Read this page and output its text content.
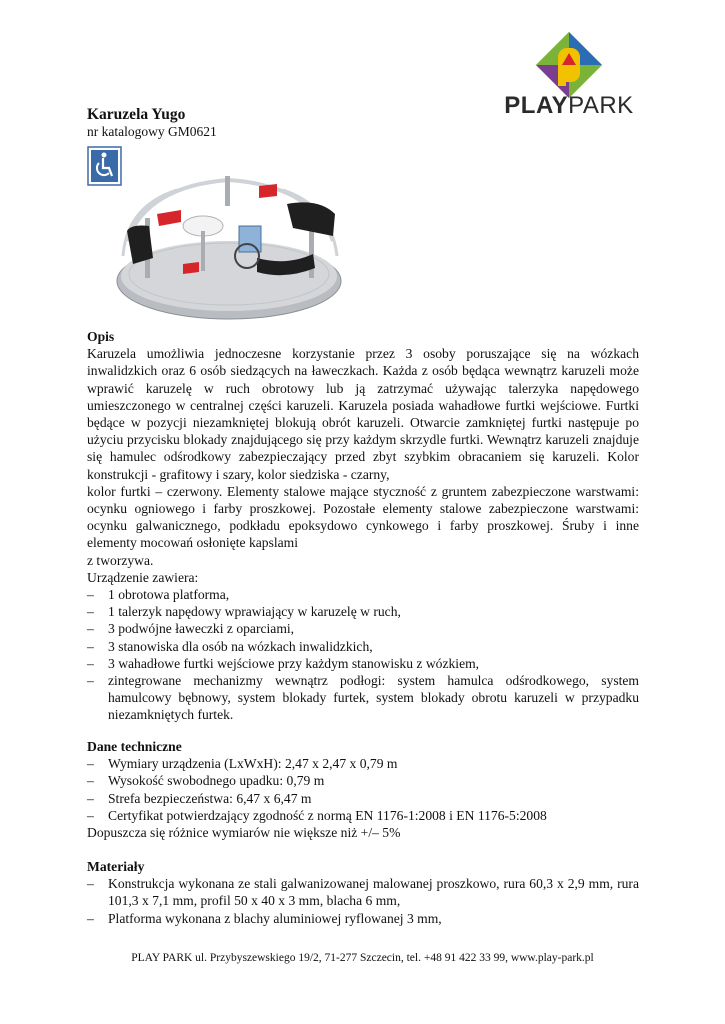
PLAYPARK
Karuzela Yugo

nr katalogowy GM0621

Opis

Karuzela umożliwia jednoczesne korzystanie przez 3 osoby poruszające się na wózkach inwalidzkich oraz 6 osób siedzących na ławeczkach. Każda z osób będąca wewnątrz karuzeli może wprawić karuzelę w ruch obrotowy lub ją zatrzymać używając talerzyka napędowego umieszczonego w centralnej części karuzeli. Karuzela posiada wahadłowe furtki wejściowe. Furtki będące w pozycji niezamkniętej blokują obrót karuzeli. Otwarcie zamkniętej furtki następuje po użyciu przycisku blokady znajdującego się przy każdym skrzydle furtki. Wewnątrz karuzeli znajduje się hamulec odśrodkowy zabezpieczający przed zbyt szybkim obracaniem się karuzeli. Kolor konstrukcji - grafitowy i szary, kolor siedziska - czarny,

kolor furtki – czerwony. Elementy stalowe mające styczność z gruntem zabezpieczone warstwami: ocynku ogniowego i farby proszkowej. Pozostałe elementy stalowe zabezpieczone warstwami: ocynku galwanicznego, podkładu epoksydowo cynkowego i farby proszkowej. Śruby i inne elementy mocowań osłonięte kapslami

z tworzywa.

Urządzenie zawiera:

– 1 obrotowa platforma,
– 1 talerzyk napędowy wprawiający w karuzelę w ruch,
– 3 podwójne ławeczki z oparciami,
– 3 stanowiska dla osób na wózkach inwalidzkich,
– 3 wahadłowe furtki wejściowe przy każdym stanowisku z wózkiem,
– zintegrowane mechanizmy wewnątrz podłogi: system hamulca odśrodkowego, system hamulcowy bębnowy, system blokady furtek, system blokady obrotu karuzeli w przypadku niezamkniętych furtek.

Dane techniczne

– Wymiary urządzenia (LxWxH): 2,47 x 2,47 x 0,79 m
– Wysokość swobodnego upadku: 0,79 m
– Strefa bezpieczeństwa: 6,47 x 6,47 m
– Certyfikat potwierdzający zgodność z normą EN 1176-1:2008 i EN 1176-5:2008

Dopuszcza się różnice wymiarów nie większe niż +/– 5%

Materiały

– Konstrukcja wykonana ze stali galwanizowanej malowanej proszkowo, rura 60,3 x 2,9 mm, rura 101,3 x 7,1 mm, profil 50 x 40 x 3 mm, blacha 6 mm,
– Platforma wykonana z blachy aluminiowej ryflowanej 3 mm,
PLAY PARK ul. Przybyszewskiego 19/2, 71-277 Szczecin, tel. +48 91 422 33 99, www.play-park.pl
